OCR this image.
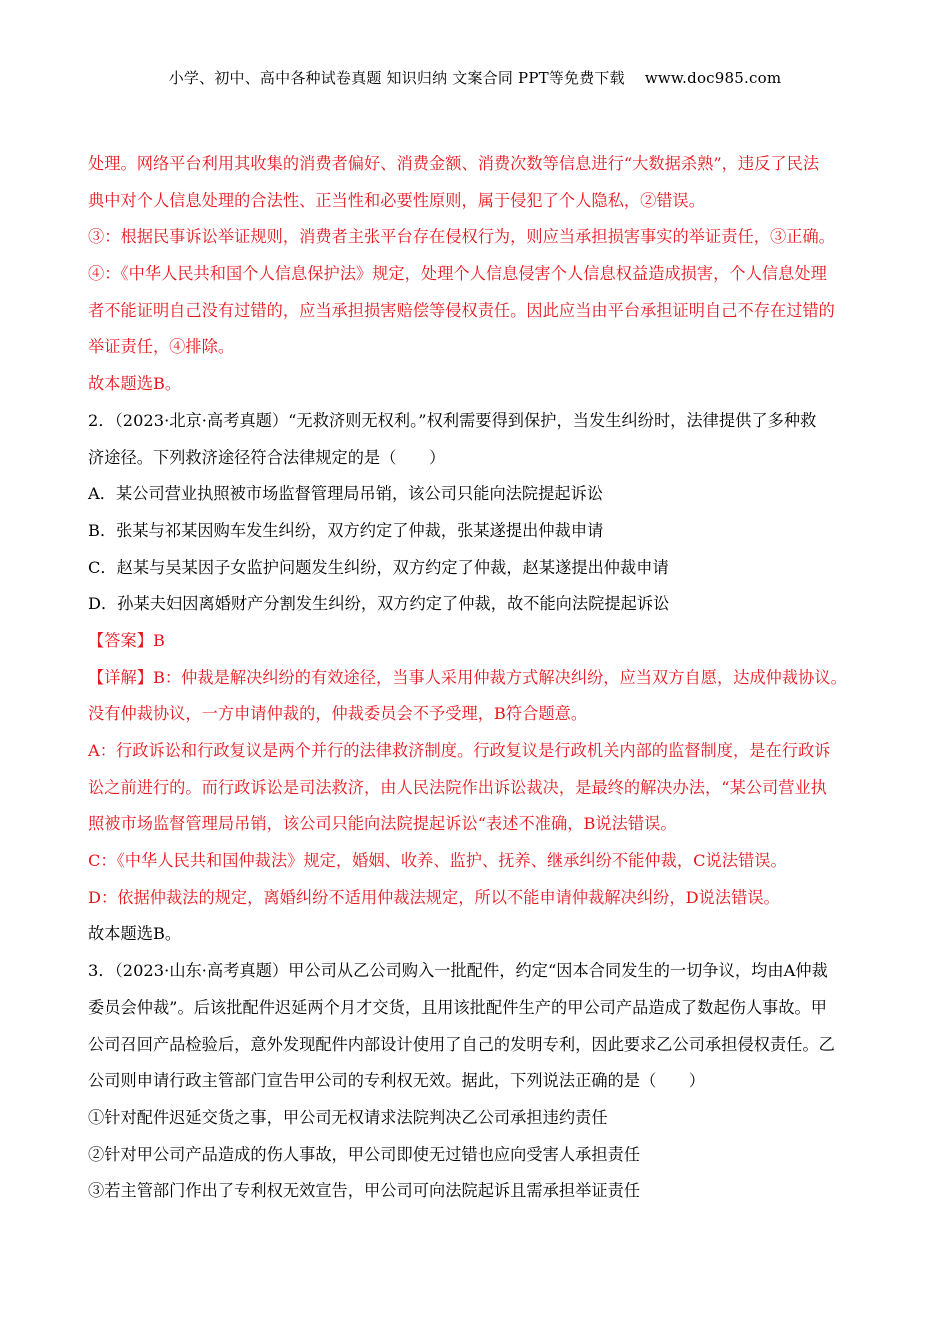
小学、初中、高中各种试卷真题 知识归纳 文案合同 PPT等免费下载 www.doc985.com
处理。网络平台利用其收集的消费者偏好、消费金额、消费次数等信息进行“大数据杀熟”，违反了民法
典中对个人信息处理的合法性、正当性和必要性原则，属于侵犯了个人隐私，②错误。
③：根据民事诉讼举证规则，消费者主张平台存在侵权行为，则应当承担损害事实的举证责任，③正确。
④：《中华人民共和国个人信息保护法》规定，处理个人信息侵害个人信息权益造成损害，个人信息处理
者不能证明自己没有过错的，应当承担损害赔偿等侵权责任。因此应当由平台承担证明自己不存在过错的
举证责任，④排除。
故本题选B。
2．（2023·北京·高考真题）“无救济则无权利。”权利需要得到保护，当发生纠纷时，法律提供了多种救
济途径。下列救济途径符合法律规定的是（　　）
A．某公司营业执照被市场监督管理局吊销，该公司只能向法院提起诉讼
B．张某与祁某因购车发生纠纷，双方约定了仲裁，张某遂提出仲裁申请
C．赵某与吴某因子女监护问题发生纠纷，双方约定了仲裁，赵某遂提出仲裁申请
D．孙某夫妇因离婚财产分割发生纠纷，双方约定了仲裁，故不能向法院提起诉讼
【答案】B
【详解】B：仲裁是解决纠纷的有效途径，当事人采用仲裁方式解决纠纷，应当双方自愿，达成仲裁协议。
没有仲裁协议，一方申请仲裁的，仲裁委员会不予受理，B符合题意。
A：行政诉讼和行政复议是两个并行的法律救济制度。行政复议是行政机关内部的监督制度，是在行政诉
讼之前进行的。而行政诉讼是司法救济，由人民法院作出诉讼裁决，是最终的解决办法，“某公司营业执
照被市场监督管理局吊销，该公司只能向法院提起诉讼“表述不准确，B说法错误。
C：《中华人民共和国仲裁法》规定，婚姻、收养、监护、抚养、继承纠纷不能仲裁，C说法错误。
D：依据仲裁法的规定，离婚纠纷不适用仲裁法规定，所以不能申请仲裁解决纠纷，D说法错误。
故本题选B。
3．（2023·山东·高考真题）甲公司从乙公司购入一批配件，约定“因本合同发生的一切争议，均由A仲裁
委员会仲裁”。后该批配件迟延两个月才交货，且用该批配件生产的甲公司产品造成了数起伤人事故。甲
公司召回产品检验后，意外发现配件内部设计使用了自己的发明专利，因此要求乙公司承担侵权责任。乙
公司则申请行政主管部门宣告甲公司的专利权无效。据此，下列说法正确的是（　　）
①针对配件迟延交货之事，甲公司无权请求法院判决乙公司承担违约责任
②针对甲公司产品造成的伤人事故，甲公司即使无过错也应向受害人承担责任
③若主管部门作出了专利权无效宣告，甲公司可向法院起诉且需承担举证责任
